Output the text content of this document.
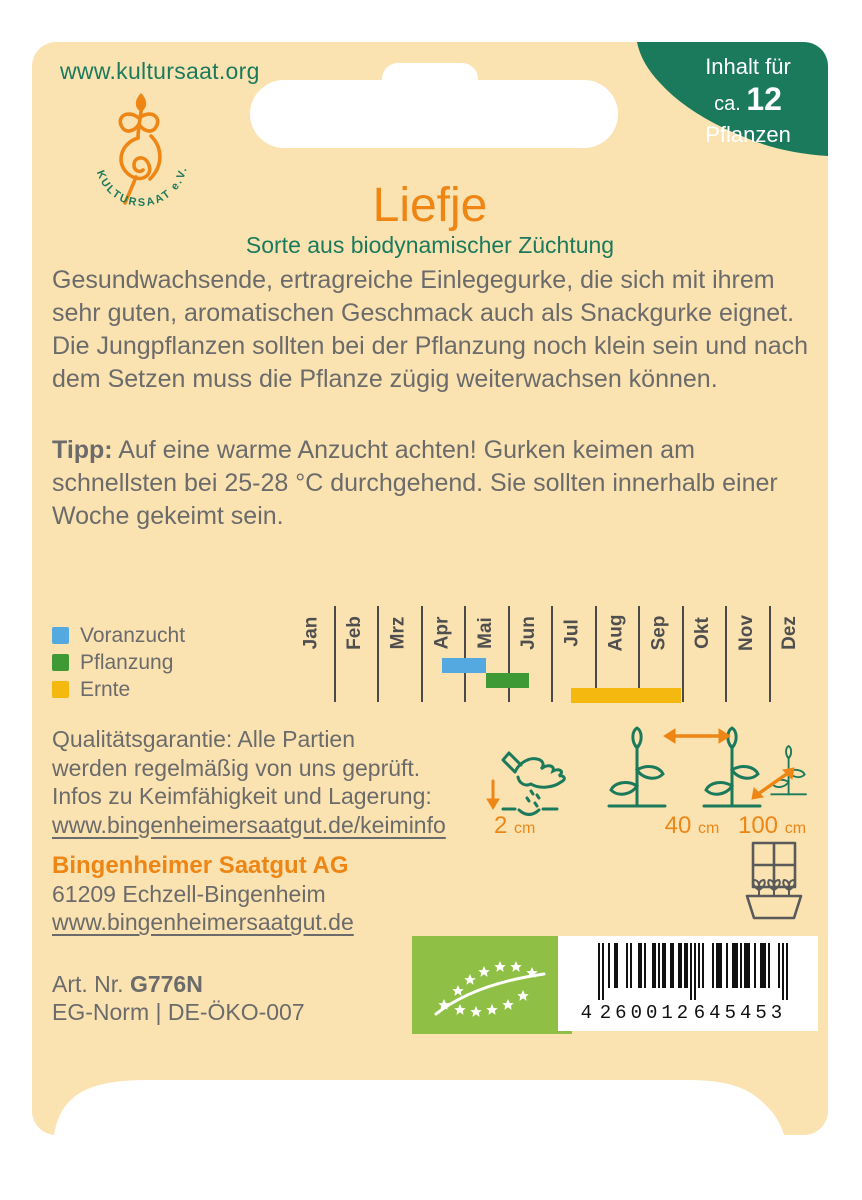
Inhalt für
ca. 12
Pflanzen
www.kultursaat.org
KULTURSAAT e.V.
Liefje
Sorte aus biodynamischer Züchtung
Gesundwachsende, ertragreiche Einlegegurke, die sich mit ihrem sehr guten, aromatischen Geschmack auch als Snackgurke eignet. Die Jungpflanzen sollten bei der Pflanzung noch klein sein und nach dem Setzen muss die Pflanze zügig weiterwachsen können.
Tipp: Auf eine warme Anzucht achten! Gurken keimen am schnellsten bei 25-28 °C durchgehend. Sie sollten innerhalb einer Woche gekeimt sein.
Voranzucht
Pflanzung
Ernte
Jan Feb Mrz Apr Mai Jun Jul Aug Sep Okt Nov Dez
Qualitätsgarantie: Alle Partien
werden regelmäßig von uns geprüft.
Infos zu Keimfähigkeit und Lagerung:
www.bingenheimersaatgut.de/keiminfo 2 cm	40 cm 100 cm
Bingenheimer Saatgut AG
61209 Echzell-Bingenheim
www.bingenheimersaatgut.de
4 260012 645453
Art. Nr. G776N
EG-Norm | DE-ÖKO-007
